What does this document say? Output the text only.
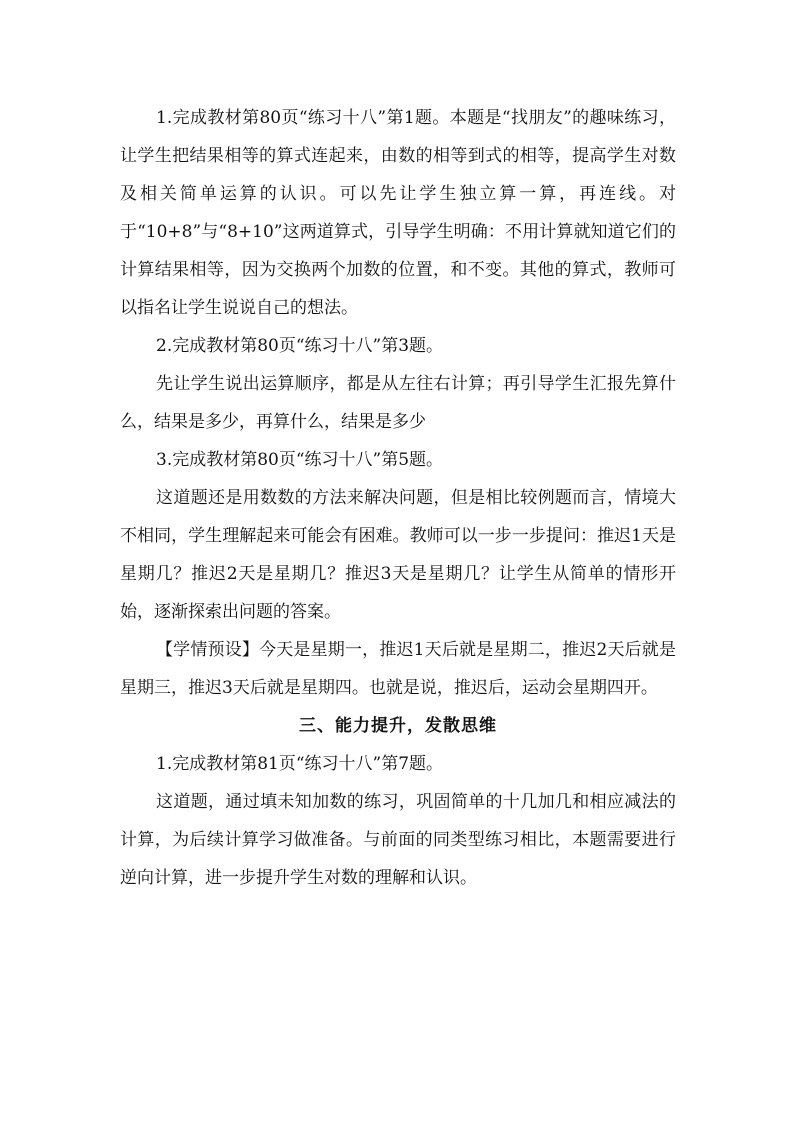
1.完成教材第80页“练习十八”第1题。本题是“找朋友”的趣味练习，让学生把结果相等的算式连起来，由数的相等到式的相等，提高学生对数及相关简单运算的认识。可以先让学生独立算一算，再连线。对于“10+8”与“8+10”这两道算式，引导学生明确：不用计算就知道它们的计算结果相等，因为交换两个加数的位置，和不变。其他的算式，教师可以指名让学生说说自己的想法。

2.完成教材第80页“练习十八”第3题。

先让学生说出运算顺序，都是从左往右计算；再引导学生汇报先算什么，结果是多少，再算什么，结果是多少

3.完成教材第80页“练习十八”第5题。

这道题还是用数数的方法来解决问题，但是相比较例题而言，情境大不相同，学生理解起来可能会有困难。教师可以一步一步提问：推迟1天是星期几？推迟2天是星期几？推迟3天是星期几？让学生从简单的情形开始，逐渐探索出问题的答案。

【学情预设】今天是星期一，推迟1天后就是星期二，推迟2天后就是星期三，推迟3天后就是星期四。也就是说，推迟后，运动会星期四开。

三、能力提升，发散思维

1.完成教材第81页“练习十八”第7题。

这道题，通过填未知加数的练习，巩固简单的十几加几和相应减法的计算，为后续计算学习做准备。与前面的同类型练习相比，本题需要进行逆向计算，进一步提升学生对数的理解和认识。
